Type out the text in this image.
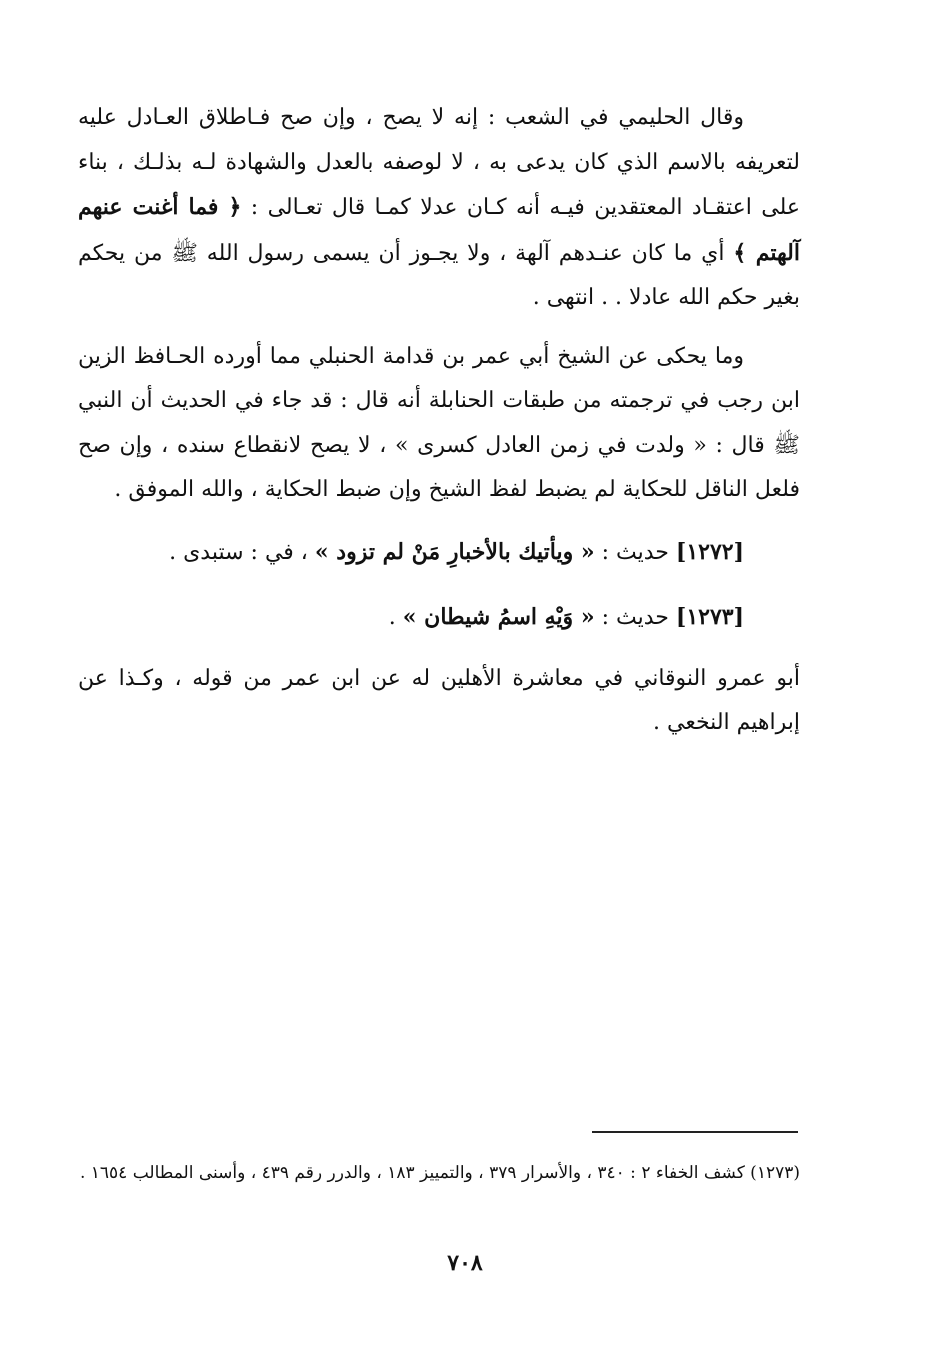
وقال الحليمي في الشعب : إنه لا يصح ، وإن صح فـاطلاق العـادل عليه لتعريفه بالاسم الذي كان يدعى به ، لا لوصفه بالعدل والشهادة لـه بذلـك ، بناء على اعتقـاد المعتقدين فيـه أنه كـان عدلا كمـا قال تعـالى : ﴿ فما أغنت عنهم آلهتم ﴾ أي ما كان عنـدهم آلهة ، ولا يجـوز أن يسمى رسول الله ﷺ من يحكم بغير حكم الله عادلا . . انتهى .

وما يحكى عن الشيخ أبي عمر بن قدامة الحنبلي مما أورده الحـافظ الزين ابن رجب في ترجمته من طبقات الحنابلة أنه قال : قد جاء في الحديث أن النبي ﷺ قال : « ولدت في زمن العادل كسرى » ، لا يصح لانقطاع سنده ، وإن صح فلعل الناقل للحكاية لم يضبط لفظ الشيخ وإن ضبط الحكاية ، والله الموفق .

[١٢٧٢] حديث : « ويأتيك بالأخبارِ مَنْ لم تزود » ، في : ستبدى .

[١٢٧٣] حديث : « وَيْهِ اسمُ شيطان » .

أبو عمرو النوقاني في معاشرة الأهلين له عن ابن عمر من قوله ، وكـذا عن إبراهيم النخعي .

(١٢٧٣) كشف الخفاء ٢ : ٣٤٠ ، والأسرار ٣٧٩ ، والتمييز ١٨٣ ، والدرر رقم ٤٣٩ ، وأسنى المطالب ١٦٥٤ .

٧٠٨
